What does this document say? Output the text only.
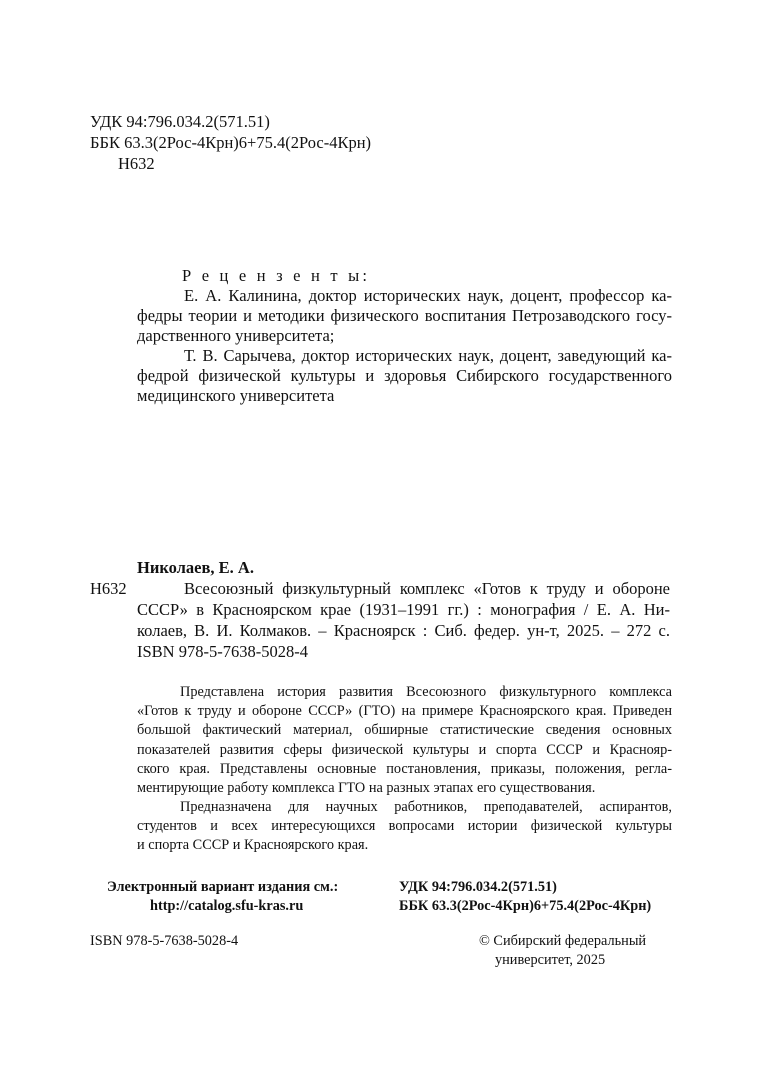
УДК 94:796.034.2(571.51)
ББК 63.3(2Рос-4Крн)6+75.4(2Рос-4Крн)
Н632
Р е ц е н з е н т ы:
Е. А. Калинина, доктор исторических наук, доцент, профессор ка-
федры теории и методики физического воспитания Петрозаводского госу-
дарственного университета;
Т. В. Сарычева, доктор исторических наук, доцент, заведующий ка-
федрой физической культуры и здоровья Сибирского государственного
медицинского университета
Николаев, Е. А.
Н632	Всесоюзный физкультурный комплекс «Готов к труду и обороне
СССР» в Красноярском крае (1931–1991 гг.) : монография / Е. А. Ни-
колаев, В. И. Колмаков. – Красноярск : Сиб. федер. ун-т, 2025. – 272 с.
ISBN 978-5-7638-5028-4
Представлена история развития Всесоюзного физкультурного комплекса
«Готов к труду и обороне СССР» (ГТО) на примере Красноярского края. Приведен
большой фактический материал, обширные статистические сведения основных
показателей развития сферы физической культуры и спорта СССР и Краснояр-
ского края. Представлены основные постановления, приказы, положения, регла-
ментирующие работу комплекса ГТО на разных этапах его существования.
Предназначена для научных работников, преподавателей, аспирантов,
студентов и всех интересующихся вопросами истории физической культуры
и спорта СССР и Красноярского края.
Электронный вариант издания см.:
http://catalog.sfu-kras.ru
УДК 94:796.034.2(571.51)
ББК 63.3(2Рос-4Крн)6+75.4(2Рос-4Крн)
ISBN 978-5-7638-5028-4	© Сибирский федеральный
университет, 2025
